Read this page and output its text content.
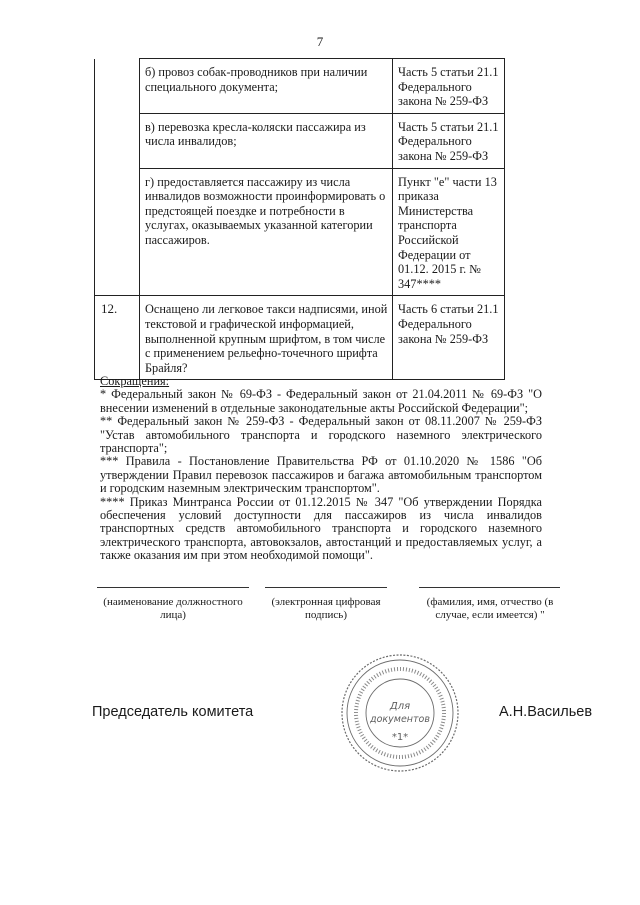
7
	б) провоз собак-проводников при наличии специального документа;	Часть 5 статьи 21.1 Федерального закона № 259-ФЗ
	в) перевозка кресла-коляски пассажира из числа инвалидов;	Часть 5 статьи 21.1 Федерального закона № 259-ФЗ
	г) предоставляется пассажиру из числа инвалидов возможности проинформировать о предстоящей поездке и потребности в услугах, оказываемых указанной категории пассажиров.	Пункт "е" части 13 приказа Министерства транспорта Российской Федерации от 01.12. 2015 г. № 347****
12.	Оснащено ли легковое такси надписями, иной текстовой и графической информацией, выполненной крупным шрифтом, в том числе с применением рельефно-точечного шрифта Брайля?	Часть 6 статьи 21.1 Федерального закона № 259-ФЗ
Сокращения:

* Федеральный закон № 69-ФЗ - Федеральный закон от 21.04.2011 № 69-ФЗ "О внесении изменений в отдельные законодательные акты Российской Федерации";

** Федеральный закон № 259-ФЗ - Федеральный закон от 08.11.2007 № 259-ФЗ "Устав автомобильного транспорта и городского наземного электрического транспорта";

*** Правила - Постановление Правительства РФ от 01.10.2020 № 1586 "Об утверждении Правил перевозок пассажиров и багажа автомобильным транспортом и городским наземным электрическим транспортом".

**** Приказ Минтранса России от 01.12.2015 № 347 "Об утверждении Порядка обеспечения условий доступности для пассажиров из числа инвалидов транспортных средств автомобильного транспорта и городского наземного электрического транспорта, автовокзалов, автостанций и предоставляемых услуг, а также оказания им при этом необходимой помощи".

(наименование должностного лица)
(электронная цифровая подпись)
(фамилия, имя, отчество (в случае, если имеется) "
Для
документов
*1*
Председатель комитета	А.Н.Васильев
